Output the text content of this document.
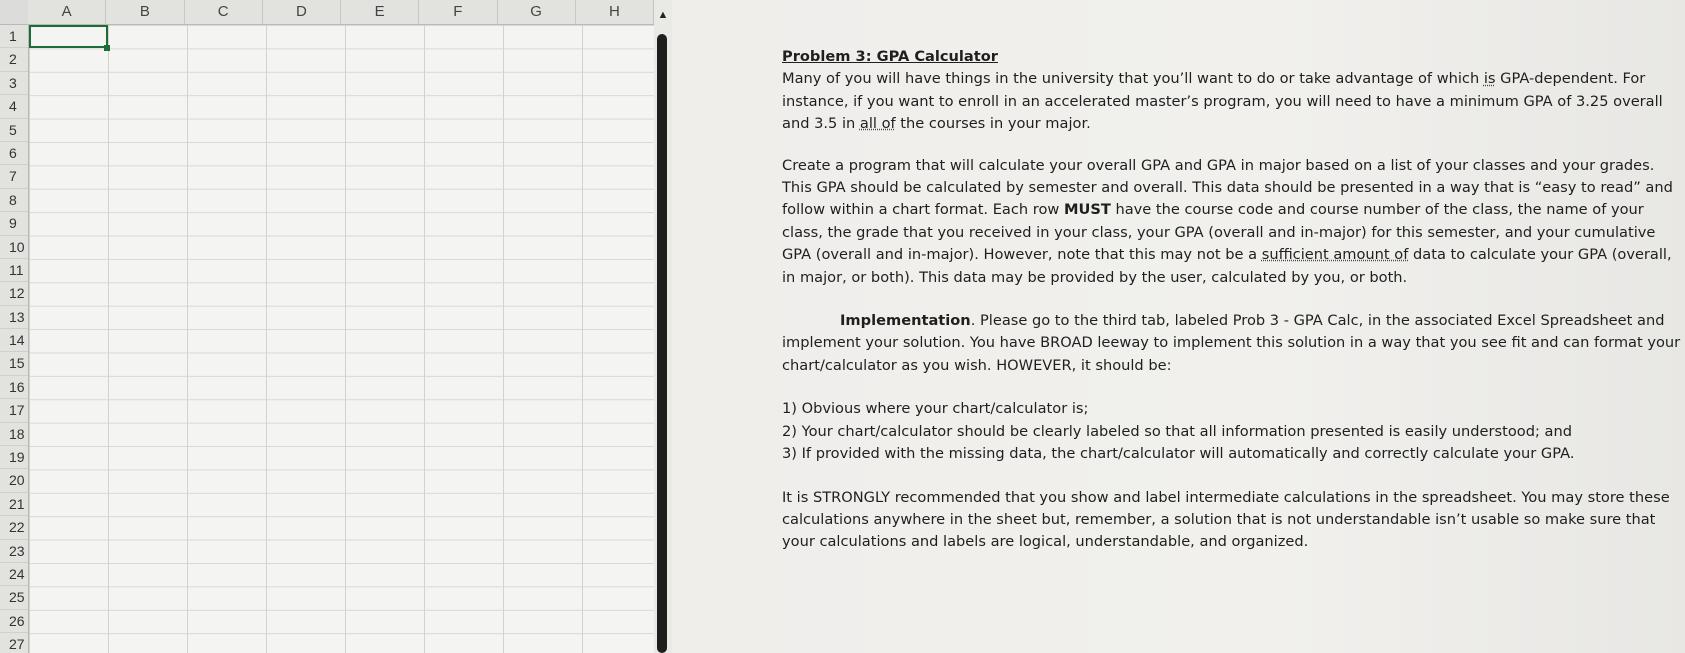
A	B	C	D	E	F	G	H
1
2
3
4
5
6
7
8
9
10
11
12
13
14
15
16
17
18
19
20
21
22
23
24
25
26
27
▲

Problem 3: GPA Calculator

Many of you will have things in the university that you’ll want to do or take advantage of which is GPA-dependent. For instance, if you want to enroll in an accelerated master’s program, you will need to have a minimum GPA of 3.25 overall and 3.5 in all of the courses in your major.

Create a program that will calculate your overall GPA and GPA in major based on a list of your classes and your grades. This GPA should be calculated by semester and overall. This data should be presented in a way that is “easy to read” and follow within a chart format. Each row MUST have the course code and course number of the class, the name of your class, the grade that you received in your class, your GPA (overall and in-major) for this semester, and your cumulative GPA (overall and in-major). However, note that this may not be a sufficient amount of data to calculate your GPA (overall, in major, or both). This data may be provided by the user, calculated by you, or both.

Implementation. Please go to the third tab, labeled Prob 3 - GPA Calc, in the associated Excel Spreadsheet and implement your solution. You have BROAD leeway to implement this solution in a way that you see fit and can format your chart/calculator as you wish. HOWEVER, it should be:

1) Obvious where your chart/calculator is;

2) Your chart/calculator should be clearly labeled so that all information presented is easily understood; and

3) If provided with the missing data, the chart/calculator will automatically and correctly calculate your GPA.

It is STRONGLY recommended that you show and label intermediate calculations in the spreadsheet. You may store these calculations anywhere in the sheet but, remember, a solution that is not understandable isn’t usable so make sure that your calculations and labels are logical, understandable, and organized.
